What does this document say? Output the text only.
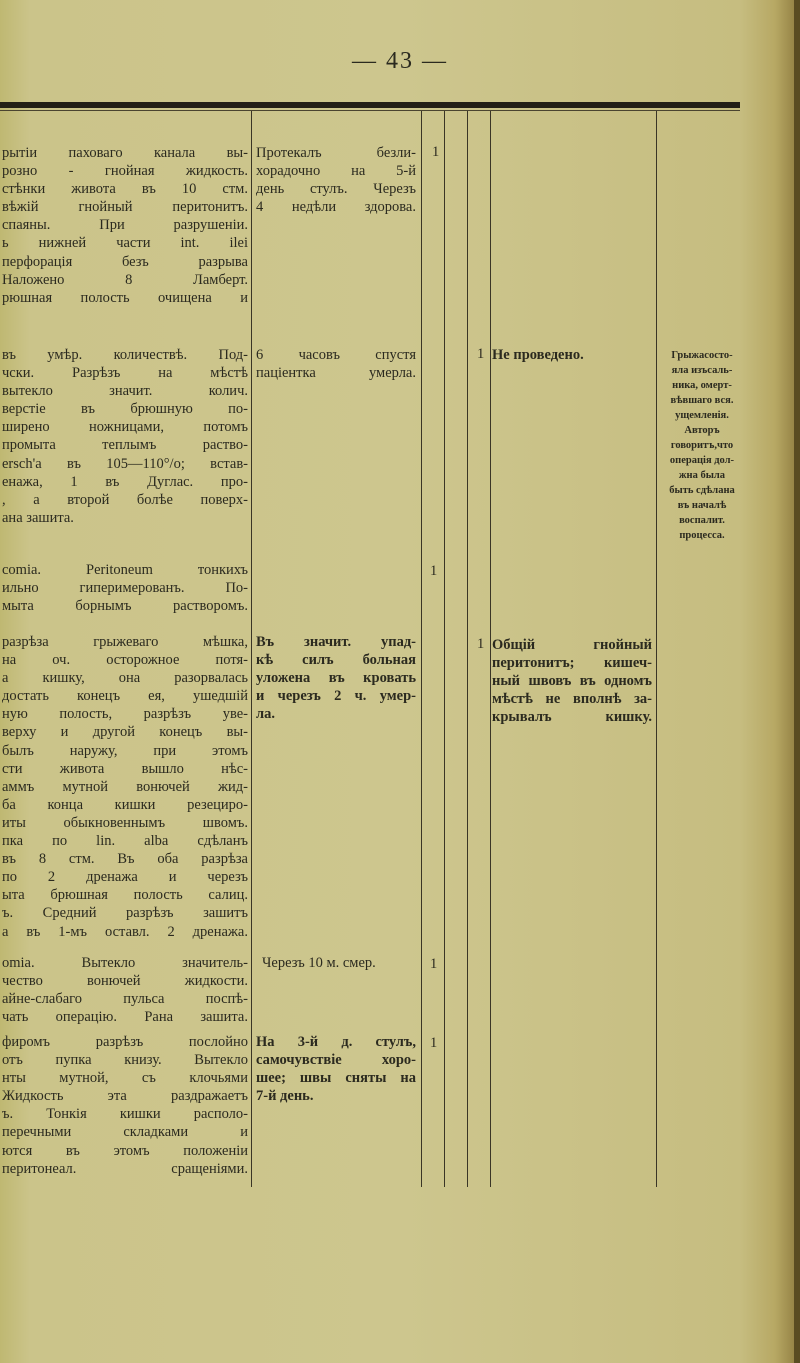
— 43 —
рытiи паховаго канала вы-
розно - гнойная жидкость.
стѣнки живота въ 10 стм.
вѣжiй гнойный перитонитъ.
спаяны. При разрушенiи.
ь нижней части int. ilei
перфорацiя безъ разрыва
Наложено 8 Ламберт.
рюшная полость очищена и
Протекалъ безли-
хорадочно на 5-й
день стулъ. Черезъ
4 недѣли здорова.
1
въ умѣр. количествѣ. Под-
чски. Разрѣзъ на мѣстѣ
вытекло значит. колич.
верстiе въ брюшную по-
ширено ножницами, потомъ
промыта теплымъ раство-
ersch'а въ 105—110°/о; встав-
енажа, 1 въ Дуглас. про-
, а второй болѣе поверх-
ана зашита.
6 часовъ спустя
пацiентка умерла.
1 Не проведено.	Грыжасосто-
яла изъсаль-
ника, омерт-
вѣвшаго вся.
ущемленiя.
Авторъ
говоритъ,что
операцiя дол-
жна была
быть сдѣлана
въ началѣ
воспалит.
процесса.
comia. Peritoneum тонкихъ
ильно гиперимерованъ. По-
мыта борнымъ растворомъ.
1
разрѣза грыжеваго мѣшка,
на оч. осторожное потя-
а кишку, она разорвалась
достать конецъ ея, ушедшiй
ную полость, разрѣзъ уве-
верху и другой конецъ вы-
былъ наружу, при этомъ
сти живота вышло нѣс-
аммъ мутной вонючей жид-
ба конца кишки резециро-
иты обыкновеннымъ швомъ.
пка по lin. alba сдѣланъ
въ 8 стм. Въ оба разрѣза
по 2 дренажа и черезъ
ыта брюшная полость салиц.
ъ. Средний разрѣзъ зашитъ
а въ 1-мъ оставл. 2 дренажа.
Въ значит. упад-
кѣ силъ больная
уложена въ кровать
и черезъ 2 ч. умер-
ла.
1 Общiй гнойный
перитонитъ; кишеч-
ный швовъ въ одномъ
мѣстѣ не вполнѣ за-
крывалъ кишку.
omia. Вытекло значитель-
чество вонючей жидкости.
айне-слабаго пульса поспѣ-
чать операцiю. Рана зашита.
Черезъ 10 м. смер.	1
фиромъ разрѣзъ послойно
отъ пупка книзу. Вытекло
нты мутной, съ клочьями
Жидкость эта раздражаетъ
ъ. Тонкiя кишки располо-
перечными складками и
ются въ этомъ положенiи
перитонеал. сращенiями.
На 3-й д. стулъ,
самочувствiе хоро-
шее; швы сняты на
7-й день.
1
